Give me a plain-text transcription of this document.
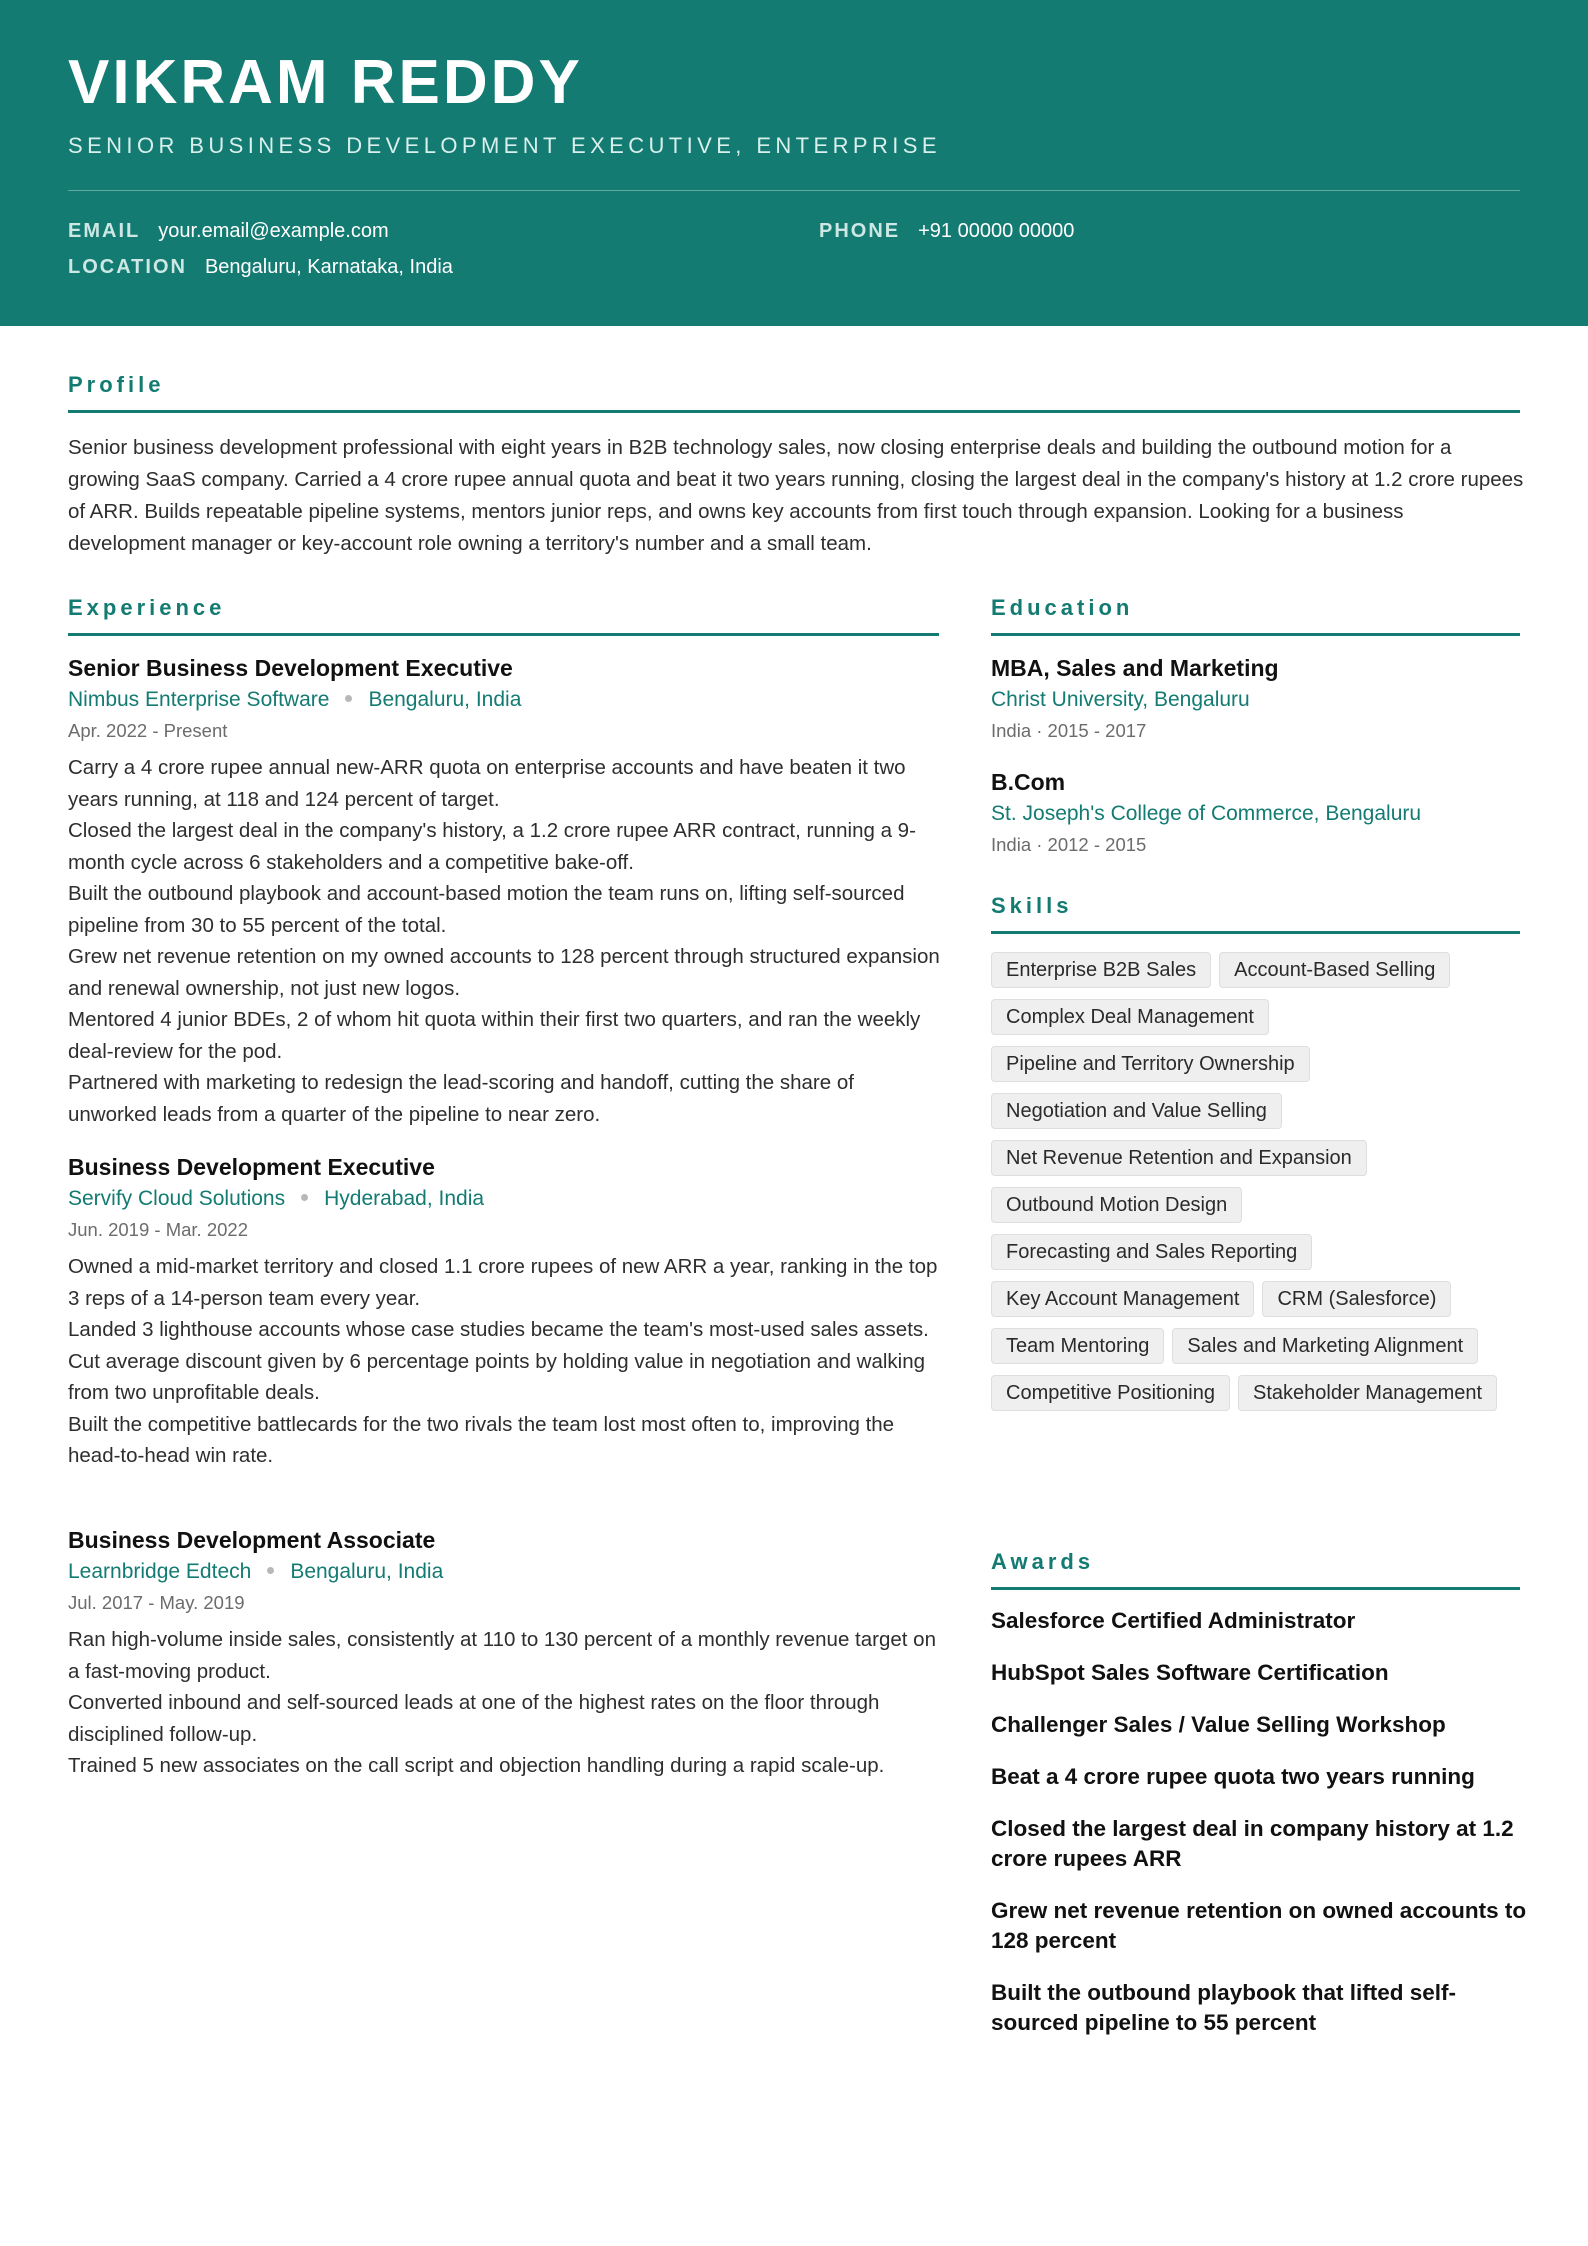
VIKRAM REDDY
SENIOR BUSINESS DEVELOPMENT EXECUTIVE, ENTERPRISE
EMAIL your.email@example.com	PHONE +91 00000 00000
LOCATION Bengaluru, Karnataka, India
Profile

Senior business development professional with eight years in B2B technology sales, now closing enterprise deals and building the outbound motion for a growing SaaS company. Carried a 4 crore rupee annual quota and beat it two years running, closing the largest deal in the company's history at 1.2 crore rupees of ARR. Builds repeatable pipeline systems, mentors junior reps, and owns key accounts from first touch through expansion. Looking for a business development manager or key-account role owning a territory's number and a small team.

Experience
Senior Business Development Executive
Nimbus Enterprise Software Bengaluru, India
Apr. 2022 - Present
Carry a 4 crore rupee annual new-ARR quota on enterprise accounts and have beaten it two years running, at 118 and 124 percent of target.
Closed the largest deal in the company's history, a 1.2 crore rupee ARR contract, running a 9-month cycle across 6 stakeholders and a competitive bake-off.
Built the outbound playbook and account-based motion the team runs on, lifting self-sourced pipeline from 30 to 55 percent of the total.
Grew net revenue retention on my owned accounts to 128 percent through structured expansion and renewal ownership, not just new logos.
Mentored 4 junior BDEs, 2 of whom hit quota within their first two quarters, and ran the weekly deal-review for the pod.
Partnered with marketing to redesign the lead-scoring and handoff, cutting the share of unworked leads from a quarter of the pipeline to near zero.
Business Development Executive
Servify Cloud Solutions Hyderabad, India
Jun. 2019 - Mar. 2022
Owned a mid-market territory and closed 1.1 crore rupees of new ARR a year, ranking in the top 3 reps of a 14-person team every year.
Landed 3 lighthouse accounts whose case studies became the team's most-used sales assets.
Cut average discount given by 6 percentage points by holding value in negotiation and walking from two unprofitable deals.
Built the competitive battlecards for the two rivals the team lost most often to, improving the head-to-head win rate.
Business Development Associate
Learnbridge Edtech Bengaluru, India
Jul. 2017 - May. 2019
Ran high-volume inside sales, consistently at 110 to 130 percent of a monthly revenue target on a fast-moving product.
Converted inbound and self-sourced leads at one of the highest rates on the floor through disciplined follow-up.
Trained 5 new associates on the call script and objection handling during a rapid scale-up.
Education
MBA, Sales and Marketing
Christ University, Bengaluru
India · 2015 - 2017
B.Com
St. Joseph's College of Commerce, Bengaluru
India · 2012 - 2015
Skills
Enterprise B2B Sales	Account-Based Selling
Complex Deal Management
Pipeline and Territory Ownership
Negotiation and Value Selling
Net Revenue Retention and Expansion
Outbound Motion Design
Forecasting and Sales Reporting
Key Account Management	CRM (Salesforce)
Team Mentoring	Sales and Marketing Alignment
Competitive Positioning	Stakeholder Management
Awards
Salesforce Certified Administrator
HubSpot Sales Software Certification
Challenger Sales / Value Selling Workshop
Beat a 4 crore rupee quota two years running
Closed the largest deal in company history at 1.2 crore rupees ARR
Grew net revenue retention on owned accounts to 128 percent
Built the outbound playbook that lifted self-sourced pipeline to 55 percent
